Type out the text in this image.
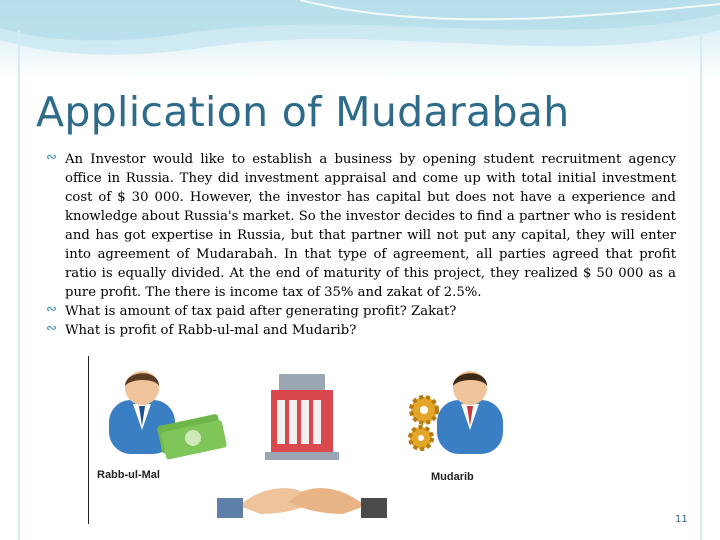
Application of Mudarabah
∾ An Investor would like to establish a business by opening student recruitment agency office in Russia. They did investment appraisal and come up with total initial investment cost of $ 30 000. However, the investor has capital but does not have a experience and knowledge about Russia's market. So the investor decides to find a partner who is resident and has got expertise in Russia, but that partner will not put any capital, they will enter into agreement of Mudarabah. In that type of agreement, all parties agreed that profit ratio is equally divided. At the end of maturity of this project, they realized $ 50 000 as a pure profit. The there is income tax of 35% and zakat of 2.5%.
∾ What is amount of tax paid after generating profit? Zakat?
∾ What is profit of Rabb-ul-mal and Mudarib?
Rabb-ul-Mal	Mudarib
11
